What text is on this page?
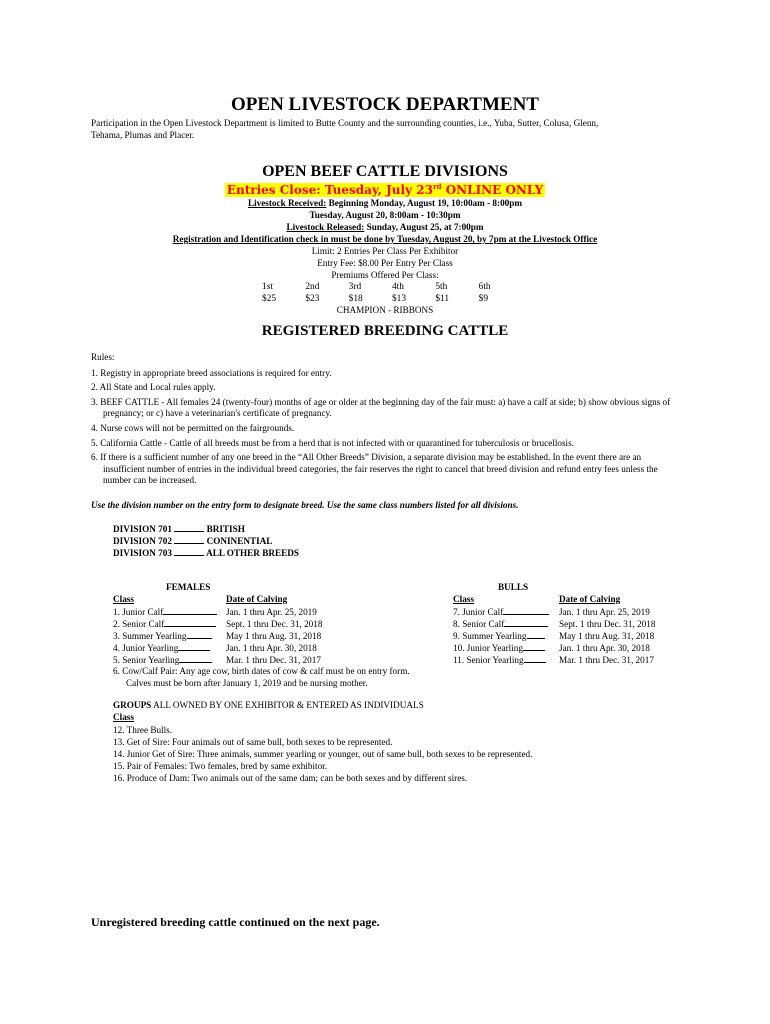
OPEN LIVESTOCK DEPARTMENT
Participation in the Open Livestock Department is limited to Butte County and the surrounding counties, i.e., Yuba, Sutter, Colusa, Glenn,
Tehama, Plumas and Placer.
OPEN BEEF CATTLE DIVISIONS
Entries Close: Tuesday, July 23rd ONLINE ONLY
Livestock Received: Beginning Monday, August 19, 10:00am - 8:00pm
Tuesday, August 20, 8:00am - 10:30pm
Livestock Released: Sunday, August 25, at 7:00pm
Registration and Identification check in must be done by Tuesday, August 20, by 7pm at the Livestock Office
Limit: 2 Entries Per Class Per Exhibitor
Entry Fee: $8.00 Per Entry Per Class
Premiums Offered Per Class:
1st	2nd	3rd	4th	5th	6th
$25	$23	$18	$13	$11	$9
CHAMPION - RIBBONS
REGISTERED BREEDING CATTLE
Rules:
1. Registry in appropriate breed associations is required for entry.
2. All State and Local rules apply.
3. BEEF CATTLE - All females 24 (twenty-four) months of age or older at the beginning day of the fair must: a) have a calf at side; b) show obvious signs of pregnancy; or c) have a veterinarian's certificate of pregnancy.
4. Nurse cows will not be permitted on the fairgrounds.
5. California Cattle - Cattle of all breeds must be from a herd that is not infected with or quarantined for tuberculosis or brucellosis.
6. If there is a sufficient number of any one breed in the “All Other Breeds” Division, a separate division may be established. In the event there are an insufficient number of entries in the individual breed categories, the fair reserves the right to cancel that breed division and refund entry fees unless the number can be increased.
Use the division number on the entry form to designate breed. Use the same class numbers listed for all divisions.
DIVISION 701	BRITISH
DIVISION 702	CONINENTIAL
DIVISION 703	ALL OTHER BREEDS
FEMALES
Class	Date of Calving
1. Junior Calf	Jan. 1 thru Apr. 25, 2019
2. Senior Calf	Sept. 1 thru Dec. 31, 2018
3. Summer Yearling	May 1 thru Aug. 31, 2018
4. Junior Yearling	Jan. 1 thru Apr. 30, 2018
5. Senior Yearling	Mar. 1 thru Dec. 31, 2017
6. Cow/Calf Pair: Any age cow, birth dates of cow & calf must be on entry form.
Calves must be born after January 1, 2019 and be nursing mother.
BULLS
Class	Date of Calving
7. Junior Calf	Jan. 1 thru Apr. 25, 2019
8. Senior Calf	Sept. 1 thru Dec. 31, 2018
9. Summer Yearling	May 1 thru Aug. 31, 2018
10. Junior Yearling	Jan. 1 thru Apr. 30, 2018
11. Senior Yearling	Mar. 1 thru Dec. 31, 2017
GROUPS ALL OWNED BY ONE EXHIBITOR & ENTERED AS INDIVIDUALS
Class
12. Three Bulls.
13. Get of Sire: Four animals out of same bull, both sexes to be represented.
14. Junior Get of Sire: Three animals, summer yearling or younger, out of same bull, both sexes to be represented.
15. Pair of Females: Two females, bred by same exhibitor.
16. Produce of Dam: Two animals out of the same dam; can be both sexes and by different sires.
Unregistered breeding cattle continued on the next page.
